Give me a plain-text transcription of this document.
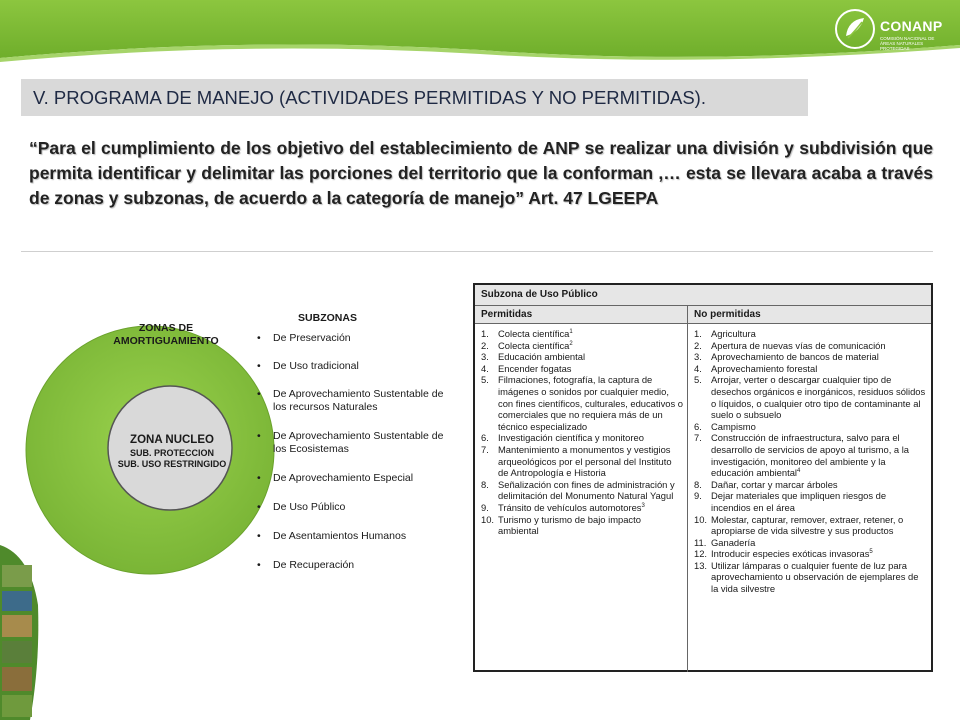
CONANP
COMISIÓN NACIONAL DE ÁREAS NATURALES PROTEGIDAS
V. PROGRAMA DE MANEJO (ACTIVIDADES PERMITIDAS Y NO PERMITIDAS).
“Para el cumplimiento de los objetivo del establecimiento de ANP se realizar una división y subdivisión que permita identificar y delimitar las porciones del territorio que la conforman ,… esta se llevara acaba a través de zonas y subzonas, de acuerdo a la categoría de manejo” Art. 47 LGEEPA
ZONAS DE AMORTIGUAMIENTO
ZONA NUCLEO
SUB. PROTECCION
SUB. USO RESTRINGIDO
SUBZONAS
• De Preservación
• De Uso tradicional
• De Aprovechamiento Sustentable de los recursos Naturales
• De Aprovechamiento Sustentable de los Ecosistemas
• De Aprovechamiento Especial
• De Uso Público
• De Asentamientos Humanos
• De Recuperación
Subzona de Uso Público
Permitidas	No permitidas
1. Colecta científica$^1$
2. Colecta científica$^2$
3. Educación ambiental
4. Encender fogatas
5. Filmaciones, fotografía, la captura de imágenes o sonidos por cualquier medio, con fines científicos, culturales, educativos o comerciales que no requiera más de un técnico especializado
6. Investigación científica y monitoreo
7. Mantenimiento a monumentos y vestigios arqueológicos por el personal del Instituto de Antropología e Historia
8. Señalización con fines de administración y delimitación del Monumento Natural Yagul
9. Tránsito de vehículos automotores$^3$
10. Turismo y turismo de bajo impacto ambiental
1. Agricultura
2. Apertura de nuevas vías de comunicación
3. Aprovechamiento de bancos de material
4. Aprovechamiento forestal
5. Arrojar, verter o descargar cualquier tipo de desechos orgánicos e inorgánicos, residuos sólidos o líquidos, o cualquier otro tipo de contaminante al suelo o subsuelo
6. Campismo
7. Construcción de infraestructura, salvo para el desarrollo de servicios de apoyo al turismo, a la investigación, monitoreo del ambiente y la educación ambiental$^4$
8. Dañar, cortar y marcar árboles
9. Dejar materiales que impliquen riesgos de incendios en el área
10. Molestar, capturar, remover, extraer, retener, o apropiarse de vida silvestre y sus productos
11. Ganadería
12. Introducir especies exóticas invasoras$^5$
13. Utilizar lámparas o cualquier fuente de luz para aprovechamiento u observación de ejemplares de la vida silvestre
